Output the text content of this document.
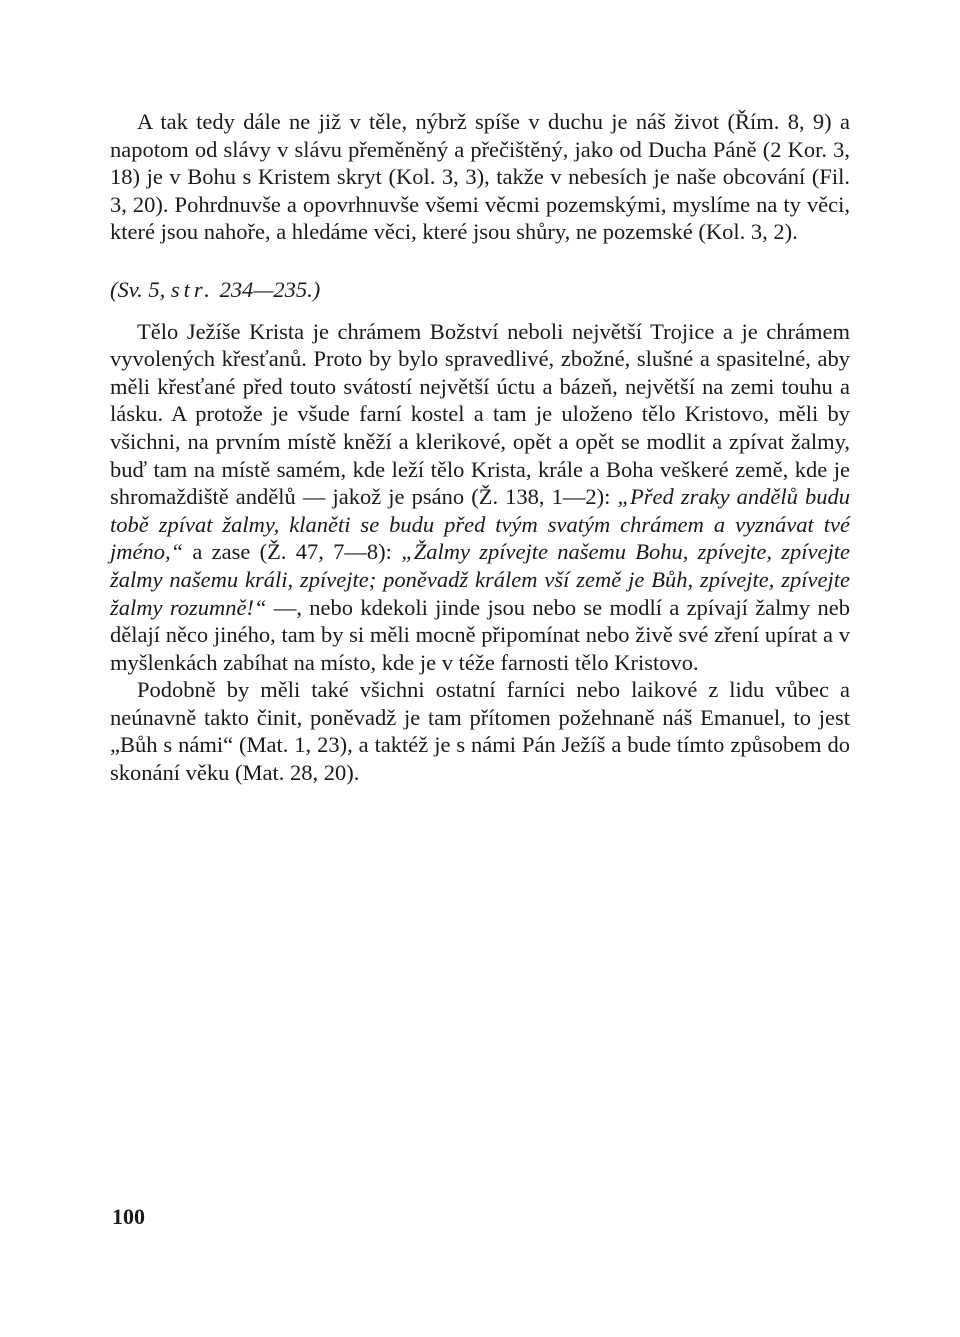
A tak tedy dále ne již v těle, nýbrž spíše v duchu je náš život (Řím. 8, 9) a napotom od slávy v slávu přeměněný a přečištěný, jako od Ducha Páně (2 Kor. 3, 18) je v Bohu s Kristem skryt (Kol. 3, 3), takže v nebesích je naše obcování (Fil. 3, 20). Pohrdnuvše a opovrhnuvše všemi věcmi pozemskými, myslíme na ty věci, které jsou nahoře, a hledáme věci, které jsou shůry, ne pozemské (Kol. 3, 2).

(Sv. 5, str. 234—235.)

Tělo Ježíše Krista je chrámem Božství neboli největší Trojice a je chrámem vyvolených křesťanů. Proto by bylo spravedlivé, zbožné, slušné a spasitelné, aby měli křesťané před touto svátostí největší úctu a bázeň, největší na zemi touhu a lásku. A protože je všude farní kostel a tam je uloženo tělo Kristovo, měli by všichni, na prvním místě kněží a klerikové, opět a opět se modlit a zpívat žalmy, buď tam na místě samém, kde leží tělo Krista, krále a Boha veškeré země, kde je shromaždiště andělů — jakož je psáno (Ž. 138, 1—2): „Před zraky andělů budu tobě zpívat žalmy, klaněti se budu před tvým svatým chrámem a vyznávat tvé jméno,“ a zase (Ž. 47, 7—8): „Žalmy zpívejte našemu Bohu, zpívejte, zpívejte žalmy našemu králi, zpívejte; poněvadž králem vší země je Bůh, zpívejte, zpívejte žalmy rozumně!“ —, nebo kdekoli jinde jsou nebo se modlí a zpívají žalmy neb dělají něco jiného, tam by si měli mocně připomínat nebo živě své zření upírat a v myšlenkách zabíhat na místo, kde je v téže farnosti tělo Kristovo.

Podobně by měli také všichni ostatní farníci nebo laikové z lidu vůbec a neúnavně takto činit, poněvadž je tam přítomen požehnaně náš Emanuel, to jest „Bůh s námi“ (Mat. 1, 23), a taktéž je s námi Pán Ježíš a bude tímto způsobem do skonání věku (Mat. 28, 20).

100
